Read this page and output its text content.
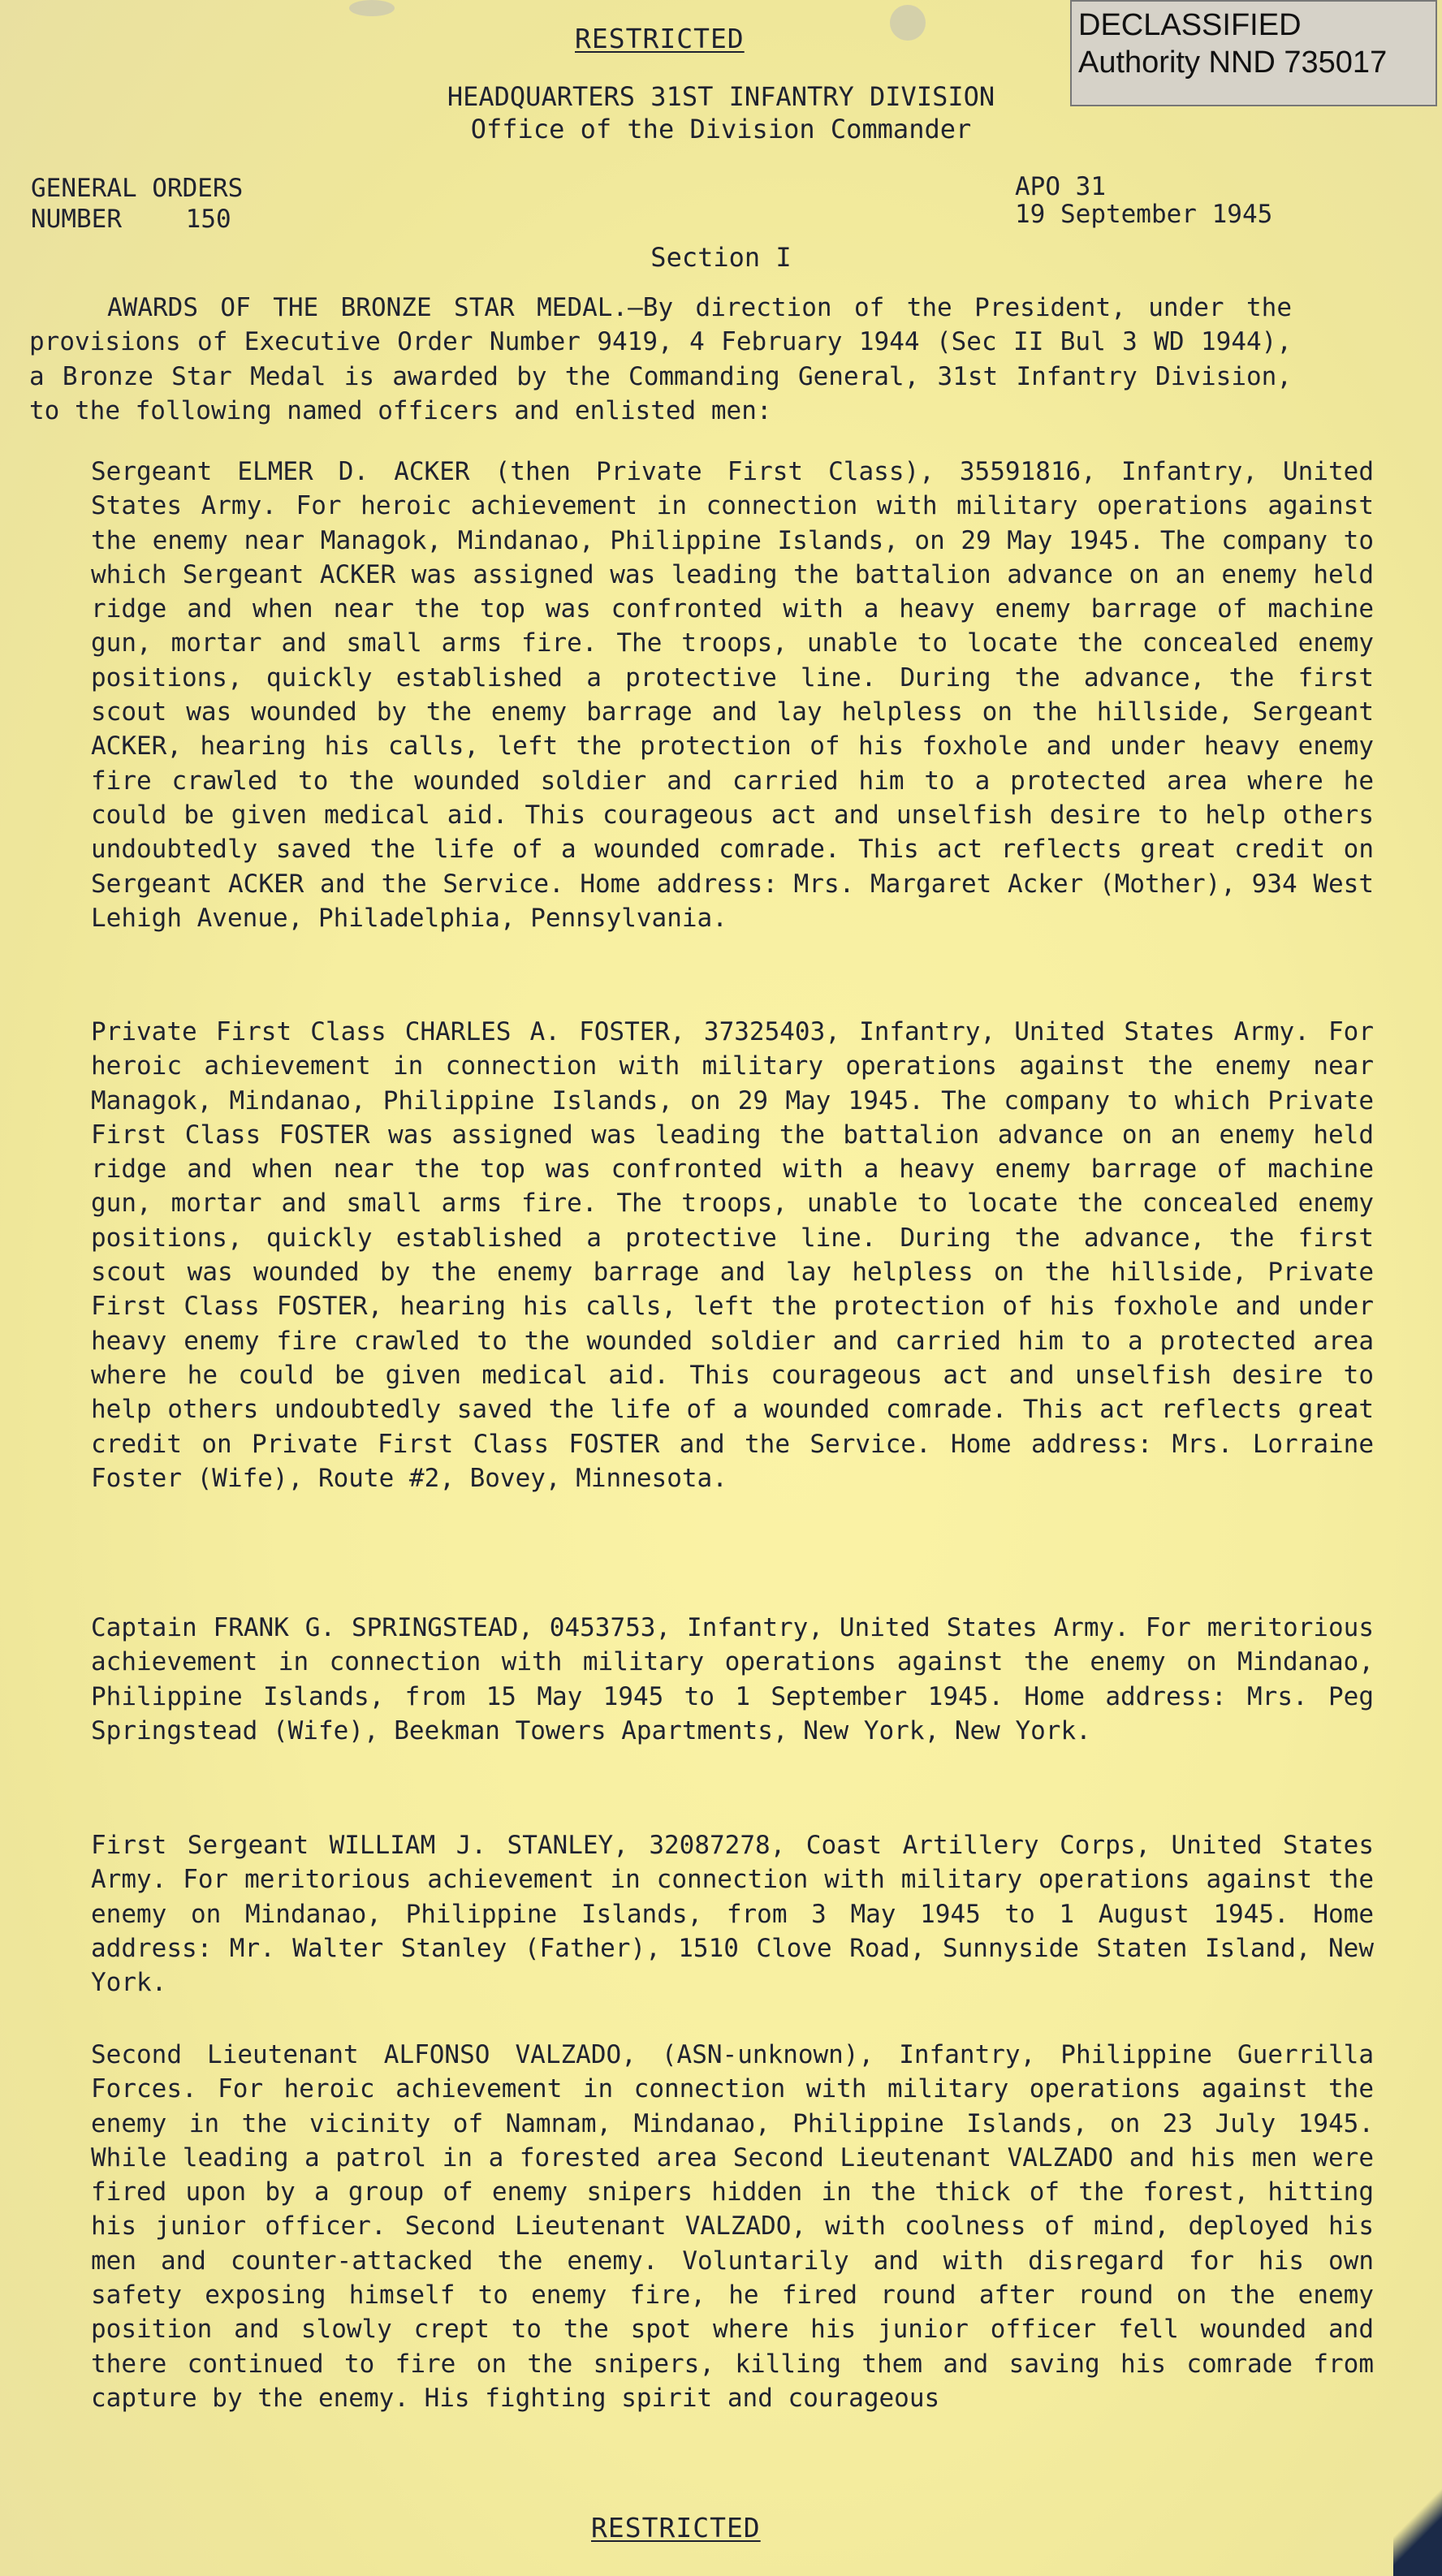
RESTRICTED	DECLASSIFIED
Authority NND 735017
HEADQUARTERS 31ST INFANTRY DIVISION
Office of the Division Commander
GENERAL ORDERS
NUMBER	150
APO 31
19 September 1945
Section I
AWARDS OF THE BRONZE STAR MEDAL.—By direction of the President, under the provisions of Executive Order Number 9419, 4 February 1944 (Sec II Bul 3 WD 1944), a Bronze Star Medal is awarded by the Commanding General, 31st Infantry Division, to the following named officers and enlisted men:
Sergeant ELMER D. ACKER (then Private First Class), 35591816, Infantry, United States Army. For heroic achievement in connection with military operations against the enemy near Managok, Mindanao, Philippine Islands, on 29 May 1945. The company to which Sergeant ACKER was assigned was leading the battalion advance on an enemy held ridge and when near the top was confronted with a heavy enemy barrage of machine gun, mortar and small arms fire. The troops, unable to locate the concealed enemy positions, quickly established a protective line. During the advance, the first scout was wounded by the enemy barrage and lay helpless on the hillside, Sergeant ACKER, hearing his calls, left the protection of his foxhole and under heavy enemy fire crawled to the wounded soldier and carried him to a protected area where he could be given medical aid. This courageous act and unselfish desire to help others undoubtedly saved the life of a wounded comrade. This act reflects great credit on Sergeant ACKER and the Service. Home address: Mrs. Margaret Acker (Mother), 934 West Lehigh Avenue, Philadelphia, Pennsylvania.
Private First Class CHARLES A. FOSTER, 37325403, Infantry, United States Army. For heroic achievement in connection with military operations against the enemy near Managok, Mindanao, Philippine Islands, on 29 May 1945. The company to which Private First Class FOSTER was assigned was leading the battalion advance on an enemy held ridge and when near the top was confronted with a heavy enemy barrage of machine gun, mortar and small arms fire. The troops, unable to locate the concealed enemy positions, quickly established a protective line. During the advance, the first scout was wounded by the enemy barrage and lay helpless on the hillside, Private First Class FOSTER, hearing his calls, left the protection of his foxhole and under heavy enemy fire crawled to the wounded soldier and carried him to a protected area where he could be given medical aid. This courageous act and unselfish desire to help others undoubtedly saved the life of a wounded comrade. This act reflects great credit on Private First Class FOSTER and the Service. Home address: Mrs. Lorraine Foster (Wife), Route #2, Bovey, Minnesota.
Captain FRANK G. SPRINGSTEAD, 0453753, Infantry, United States Army. For meritorious achievement in connection with military operations against the enemy on Mindanao, Philippine Islands, from 15 May 1945 to 1 September 1945. Home address: Mrs. Peg Springstead (Wife), Beekman Towers Apartments, New York, New York.
First Sergeant WILLIAM J. STANLEY, 32087278, Coast Artillery Corps, United States Army. For meritorious achievement in connection with military operations against the enemy on Mindanao, Philippine Islands, from 3 May 1945 to 1 August 1945. Home address: Mr. Walter Stanley (Father), 1510 Clove Road, Sunnyside Staten Island, New York.
Second Lieutenant ALFONSO VALZADO, (ASN-unknown), Infantry, Philippine Guerrilla Forces. For heroic achievement in connection with military operations against the enemy in the vicinity of Namnam, Mindanao, Philippine Islands, on 23 July 1945. While leading a patrol in a forested area Second Lieutenant VALZADO and his men were fired upon by a group of enemy snipers hidden in the thick of the forest, hitting his junior officer. Second Lieutenant VALZADO, with coolness of mind, deployed his men and counter-attacked the enemy. Voluntarily and with disregard for his own safety exposing himself to enemy fire, he fired round after round on the enemy position and slowly crept to the spot where his junior officer fell wounded and there continued to fire on the snipers, killing them and saving his comrade from capture by the enemy. His fighting spirit and courageous
RESTRICTED
